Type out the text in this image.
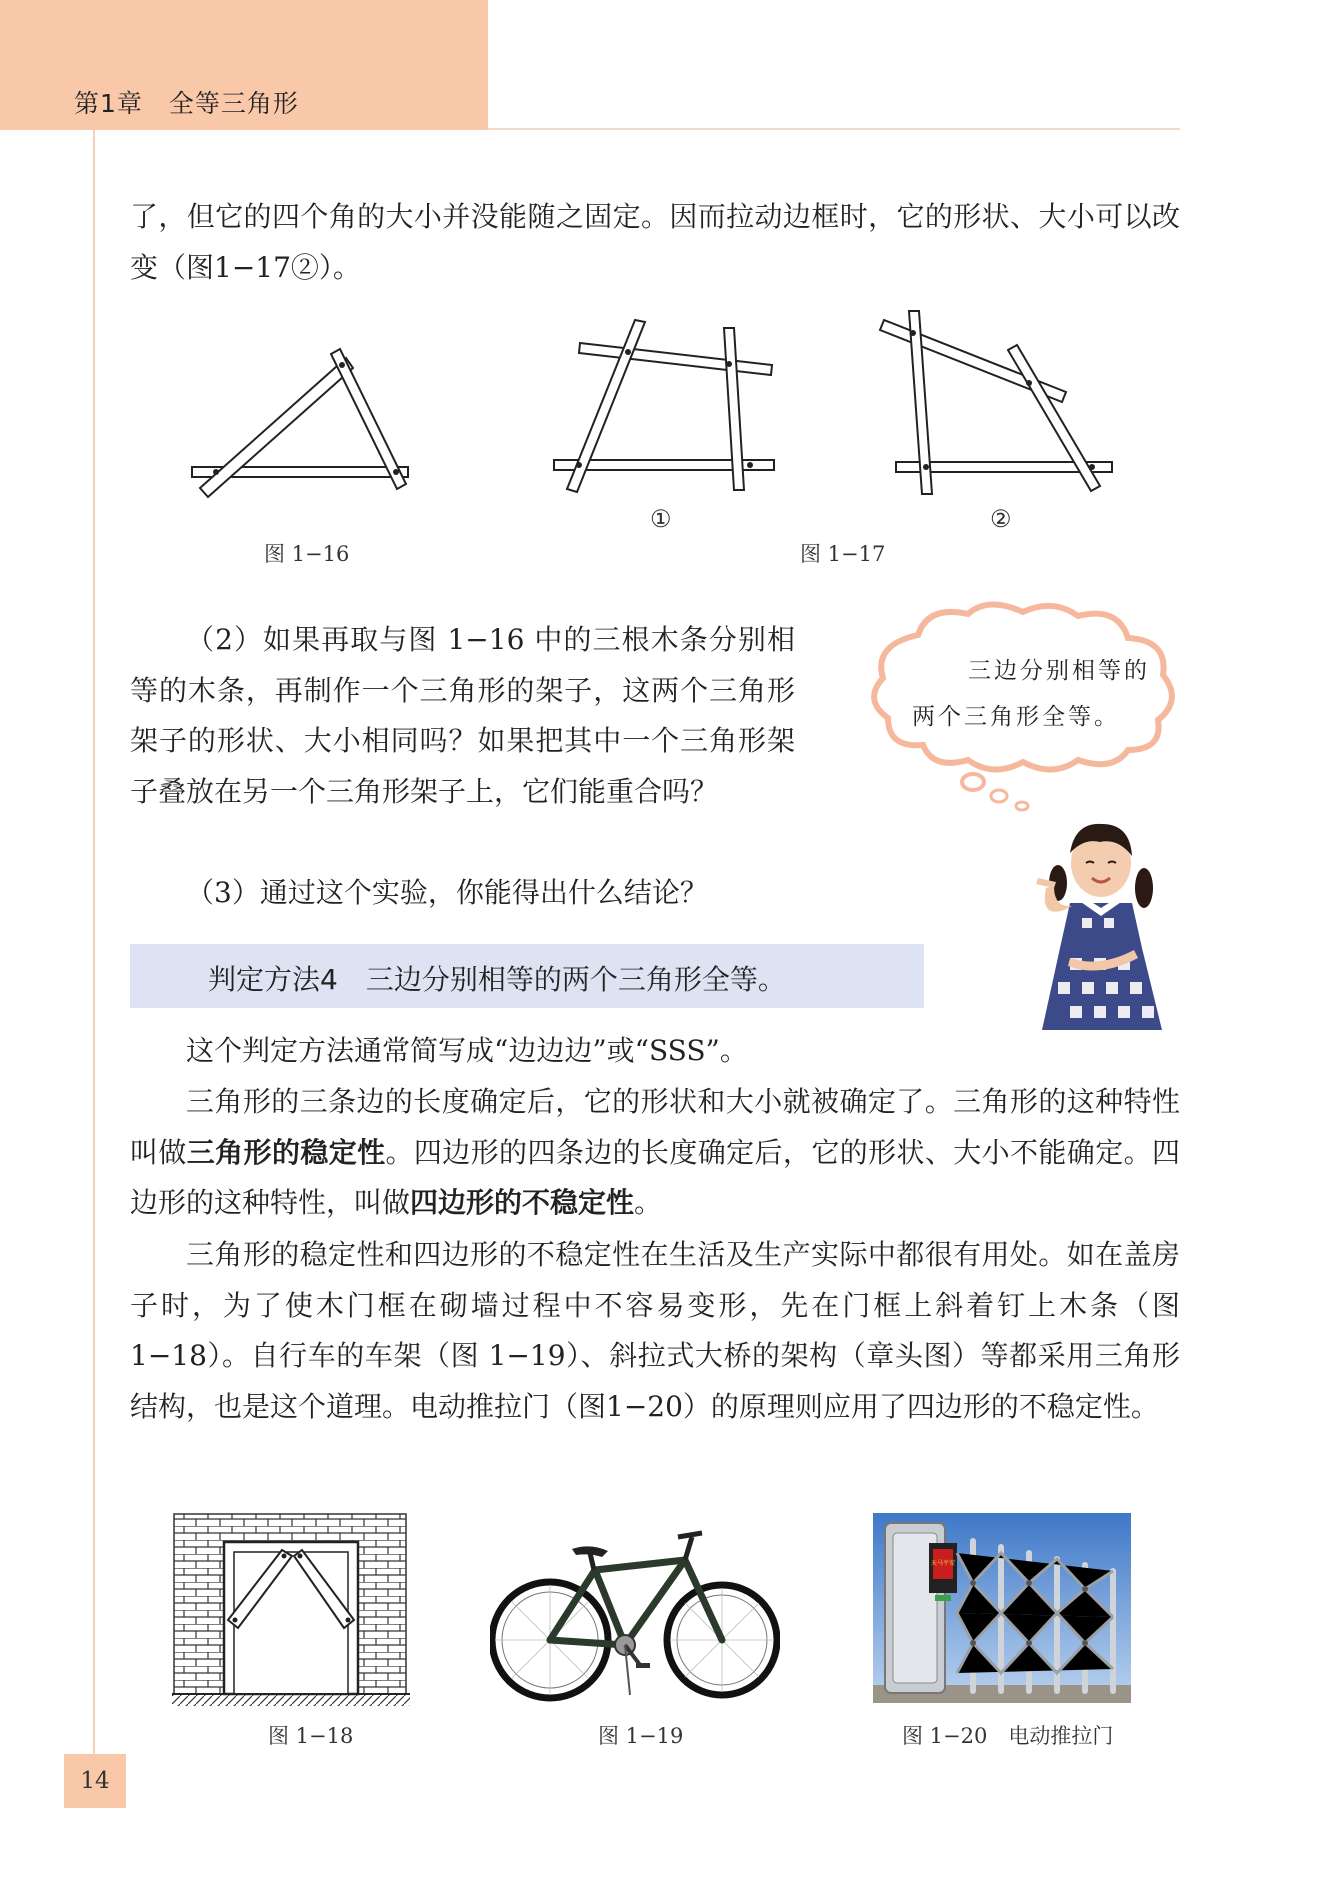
第1章　全等三角形
了，但它的四个角的大小并没能随之固定。因而拉动边框时，它的形状、大小可以改变（图1−17②）。
图 1−16
①	②
图 1−17
（2）如果再取与图 1−16 中的三根木条分别相等的木条，再制作一个三角形的架子，这两个三角形架子的形状、大小相同吗？如果把其中一个三角形架子叠放在另一个三角形架子上，它们能重合吗？
（3）通过这个实验，你能得出什么结论？
三边分别相等的
两个三角形全等。
判定方法4　三边分别相等的两个三角形全等。
这个判定方法通常简写成“边边边”或“SSS”。
三角形的三条边的长度确定后，它的形状和大小就被确定了。三角形的这种特性叫做三角形的稳定性。四边形的四条边的长度确定后，它的形状、大小不能确定。四边形的这种特性，叫做四边形的不稳定性。
三角形的稳定性和四边形的不稳定性在生活及生产实际中都很有用处。如在盖房子时，为了使木门框在砌墙过程中不容易变形，先在门框上斜着钉上木条（图 1−18）。自行车的车架（图 1−19）、斜拉式大桥的架构（章头图）等都采用三角形结构，也是这个道理。电动推拉门（图1−20）的原理则应用了四边形的不稳定性。
图 1−18	图 1−19
天马平安
图 1−20　电动推拉门
14
